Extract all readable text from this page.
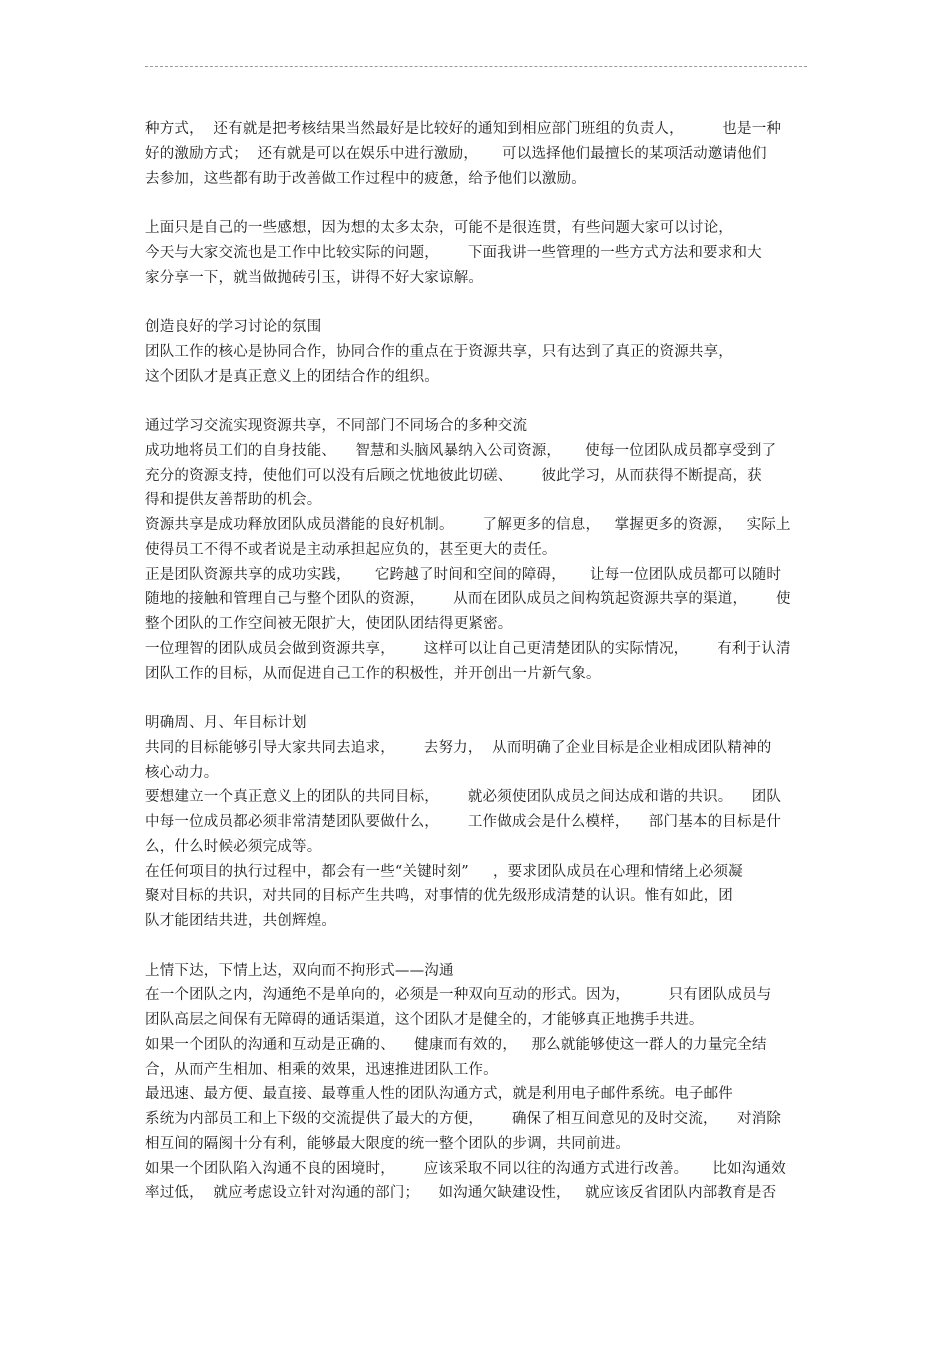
种方式，  还有就是把考核结果当然最好是比较好的通知到相应部门班组的负责人，        也是一种
好的激励方式；  还有就是可以在娱乐中进行激励，     可以选择他们最擅长的某项活动邀请他们
去参加，这些都有助于改善做工作过程中的疲惫，给予他们以激励。
上面只是自己的一些感想，因为想的太多太杂，可能不是很连贯，有些问题大家可以讨论，
今天与大家交流也是工作中比较实际的问题，      下面我讲一些管理的一些方式方法和要求和大
家分享一下，就当做抛砖引玉，讲得不好大家谅解。
创造良好的学习讨论的氛围
团队工作的核心是协同合作，协同合作的重点在于资源共享，只有达到了真正的资源共享，
这个团队才是真正意义上的团结合作的组织。
通过学习交流实现资源共享，不同部门不同场合的多种交流
成功地将员工们的自身技能、    智慧和头脑风暴纳入公司资源，     使每一位团队成员都享受到了
充分的资源支持，使他们可以没有后顾之忧地彼此切磋、      彼此学习，从而获得不断提高，获
得和提供友善帮助的机会。
资源共享是成功释放团队成员潜能的良好机制。      了解更多的信息，   掌握更多的资源，   实际上
使得员工不得不或者说是主动承担起应负的，甚至更大的责任。
正是团队资源共享的成功实践，     它跨越了时间和空间的障碍，     让每一位团队成员都可以随时
随地的接触和管理自己与整个团队的资源，      从而在团队成员之间构筑起资源共享的渠道，      使
整个团队的工作空间被无限扩大，使团队团结得更紧密。
一位理智的团队成员会做到资源共享，      这样可以让自己更清楚团队的实际情况，      有利于认清
团队工作的目标，从而促进自己工作的积极性，并开创出一片新气象。
明确周、月、年目标计划
共同的目标能够引导大家共同去追求，      去努力，  从而明确了企业目标是企业相成团队精神的
核心动力。
要想建立一个真正意义上的团队的共同目标，      就必须使团队成员之间达成和谐的共识。    团队
中每一位成员都必须非常清楚团队要做什么，      工作做成会是什么模样，    部门基本的目标是什
么，什么时候必须完成等。
在任何项目的执行过程中，都会有一些“关键时刻”     ，要求团队成员在心理和情绪上必须凝
聚对目标的共识，对共同的目标产生共鸣，对事情的优先级形成清楚的认识。惟有如此，团
队才能团结共进，共创辉煌。
上情下达，下情上达，双向而不拘形式——沟通
在一个团队之内，沟通绝不是单向的，必须是一种双向互动的形式。因为，        只有团队成员与
团队高层之间保有无障碍的通话渠道，这个团队才是健全的，才能够真正地携手共进。
如果一个团队的沟通和互动是正确的、    健康而有效的，   那么就能够使这一群人的力量完全结
合，从而产生相加、相乘的效果，迅速推进团队工作。
最迅速、最方便、最直接、最尊重人性的团队沟通方式，就是利用电子邮件系统。电子邮件
系统为内部员工和上下级的交流提供了最大的方便，      确保了相互间意见的及时交流，    对消除
相互间的隔阂十分有利，能够最大限度的统一整个团队的步调，共同前进。
如果一个团队陷入沟通不良的困境时，      应该采取不同以往的沟通方式进行改善。     比如沟通效
率过低，  就应考虑设立针对沟通的部门；    如沟通欠缺建设性，   就应该反省团队内部教育是否
